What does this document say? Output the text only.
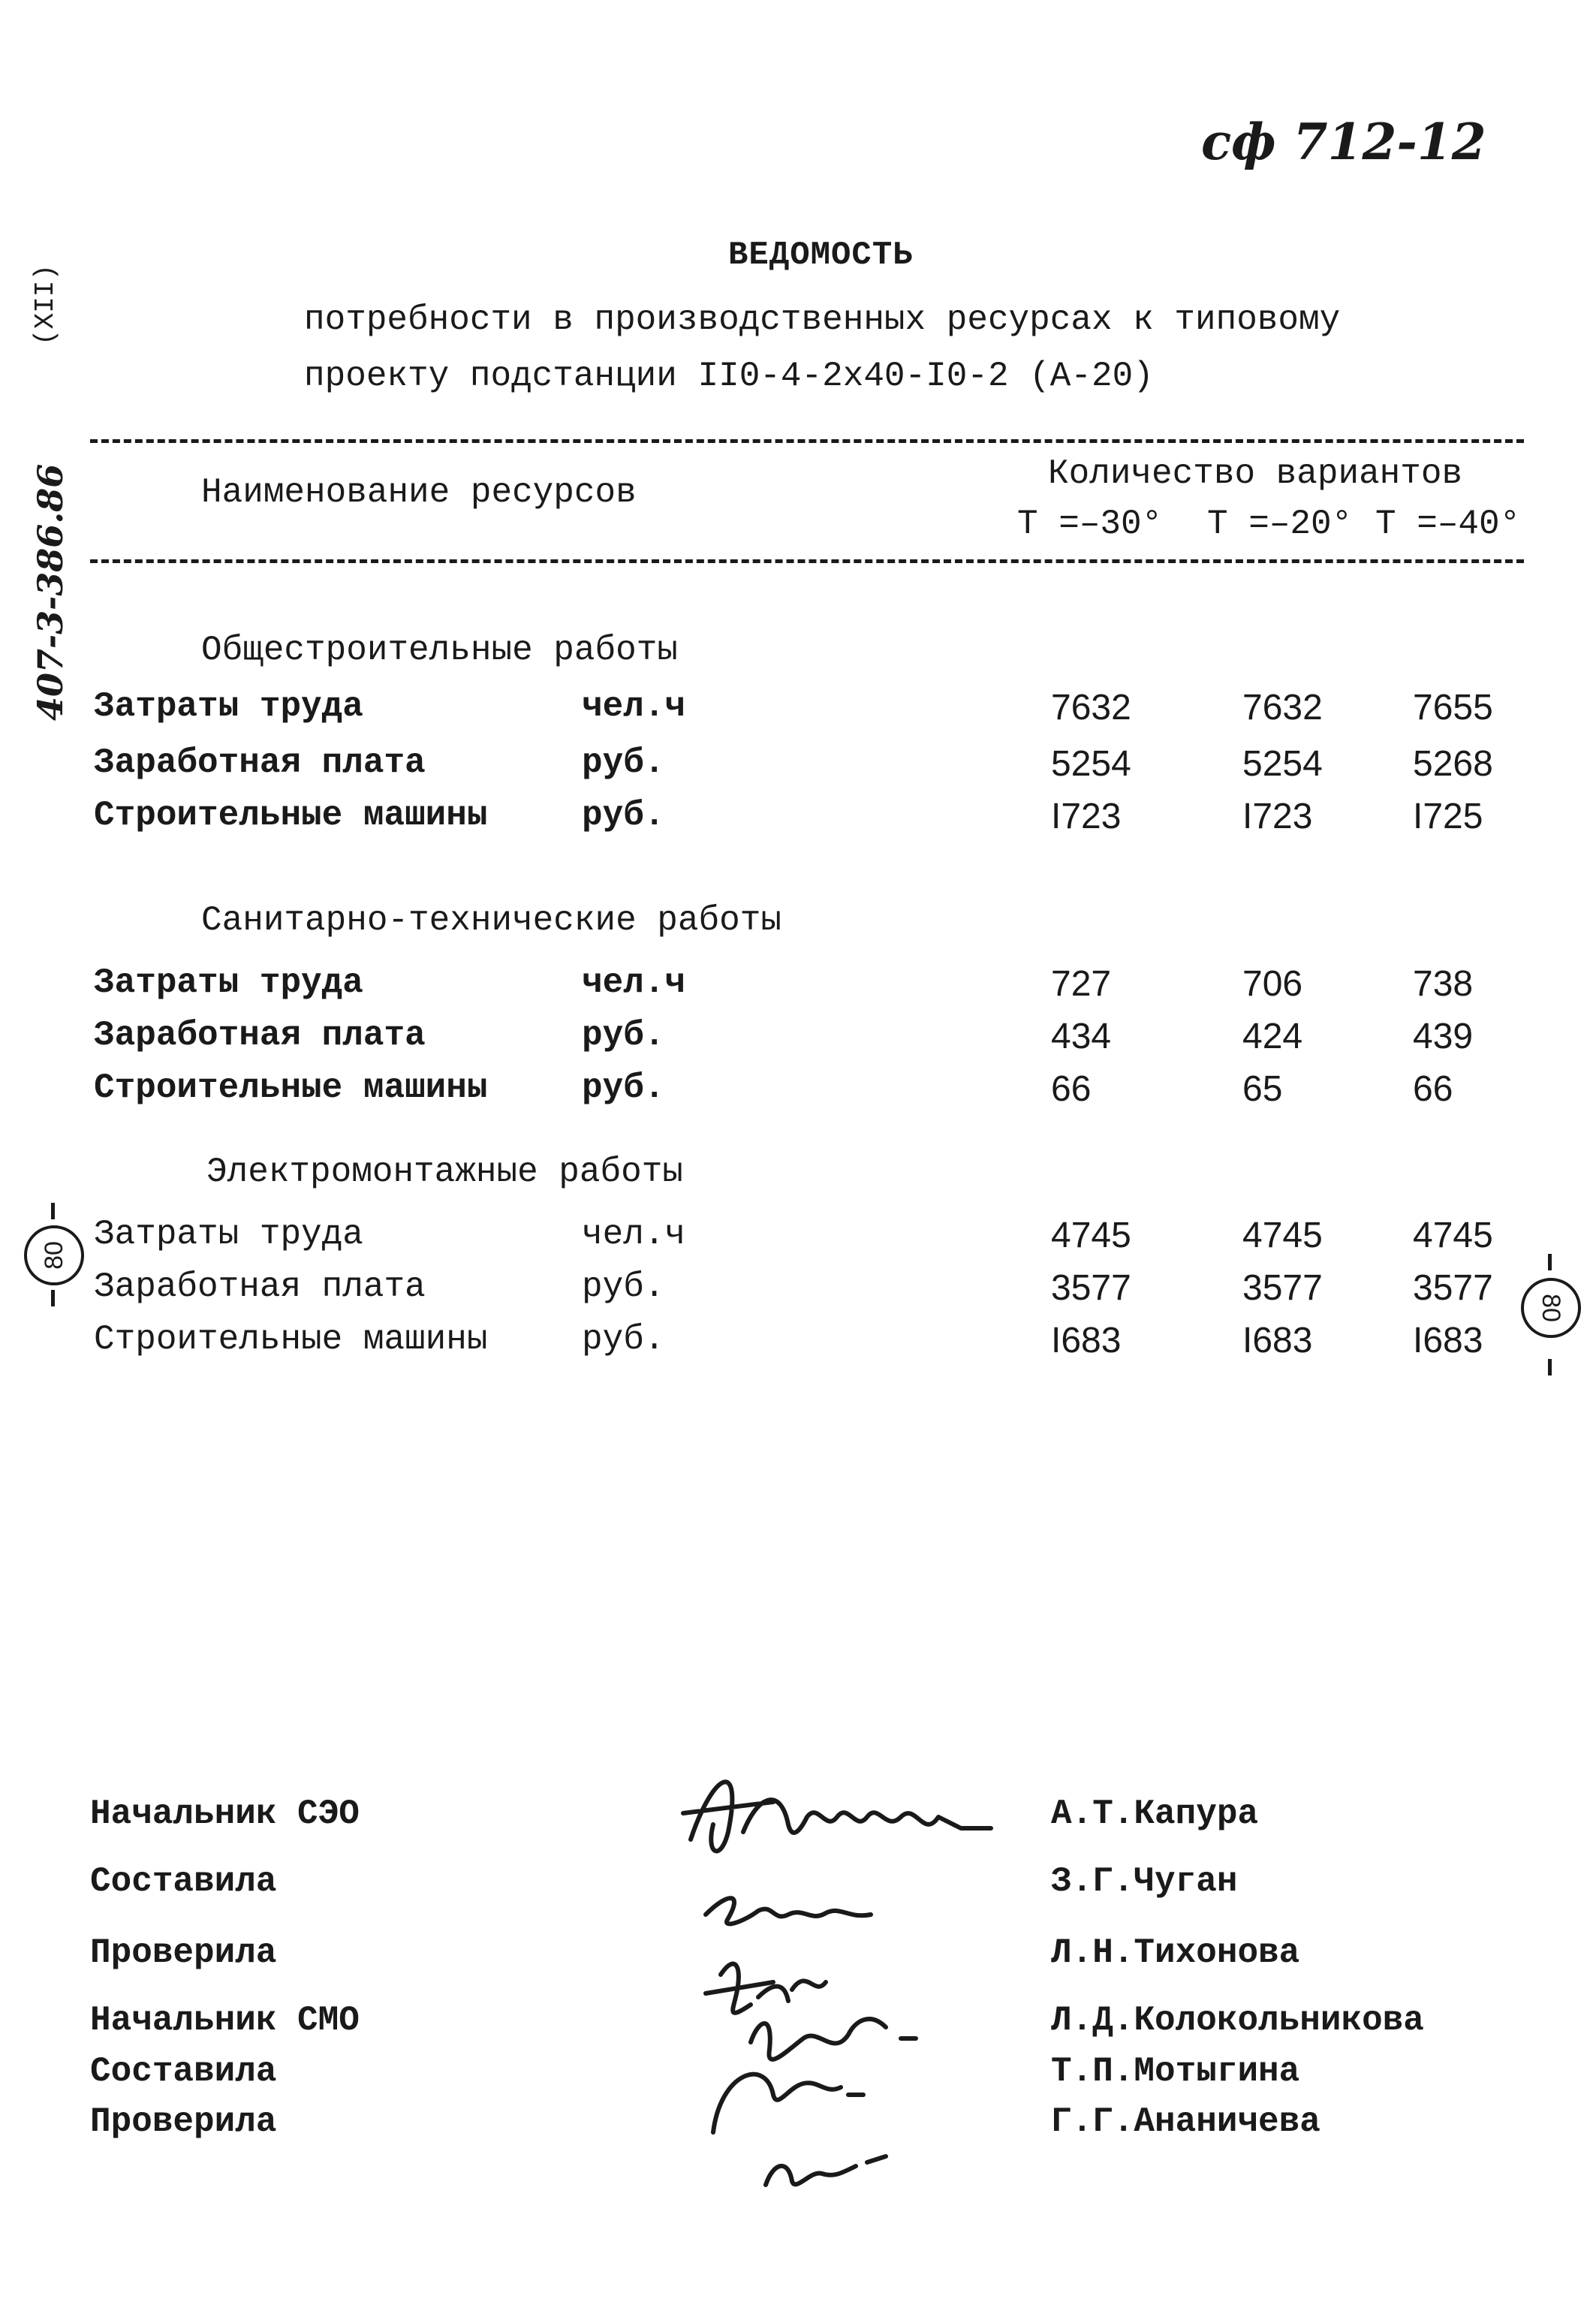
сф 712-12
(XII)
407-3-386.86
80
80
ВЕДОМОСТЬ
потребности в производственных ресурсах к типовому
проекту подстанции II0-4-2x40-I0-2 (А-20)
Наименование ресурсов	Количество вариантов
Т =–30° Т =–20° Т =–40°
Общестроительные работы
Затраты труда	чел.ч	7632	7632	7655
Заработная плата	руб.	5254	5254	5268
Строительные машины	руб.	I723	I723	I725
Санитарно-технические работы
Затраты труда	чел.ч	727	706	738
Заработная плата	руб.	434	424	439
Строительные машины	руб.	66	65	66
Электромонтажные работы
Затраты труда	чел.ч	4745	4745	4745
Заработная плата	руб.	3577	3577	3577
Строительные машины	руб.	I683	I683	I683
Начальник СЭО	А.Т.Капура
Составила	З.Г.Чуган
Проверила	Л.Н.Тихонова
Начальник СМО	Л.Д.Колокольникова
Составила	Т.П.Мотыгина
Проверила	Г.Г.Ананичева
